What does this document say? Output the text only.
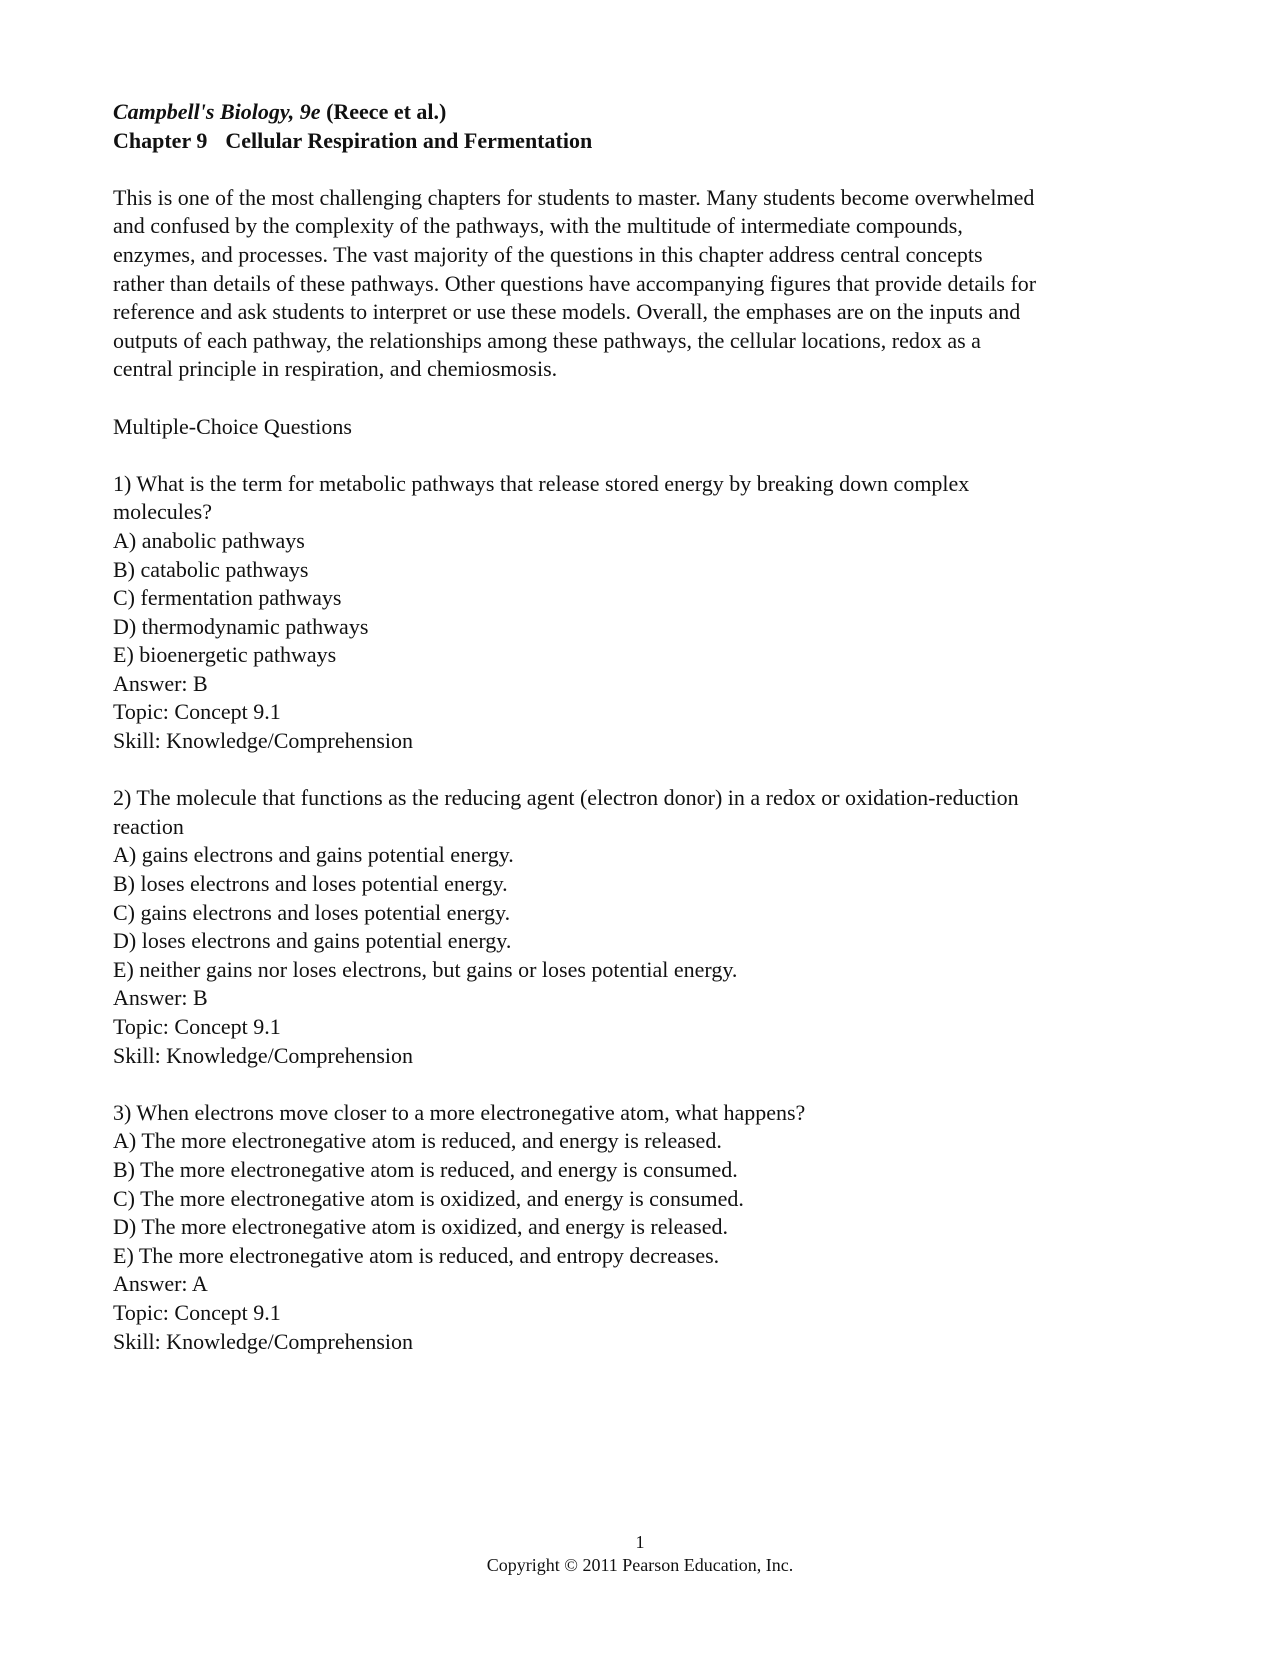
Campbell's Biology, 9e (Reece et al.)

Chapter 9 Cellular Respiration and Fermentation

This is one of the most challenging chapters for students to master. Many students become overwhelmed

and confused by the complexity of the pathways, with the multitude of intermediate compounds,

enzymes, and processes. The vast majority of the questions in this chapter address central concepts

rather than details of these pathways. Other questions have accompanying figures that provide details for

reference and ask students to interpret or use these models. Overall, the emphases are on the inputs and

outputs of each pathway, the relationships among these pathways, the cellular locations, redox as a

central principle in respiration, and chemiosmosis.

Multiple-Choice Questions

1) What is the term for metabolic pathways that release stored energy by breaking down complex

molecules?

A) anabolic pathways

B) catabolic pathways

C) fermentation pathways

D) thermodynamic pathways

E) bioenergetic pathways

Answer: B

Topic: Concept 9.1

Skill: Knowledge/Comprehension

2) The molecule that functions as the reducing agent (electron donor) in a redox or oxidation-reduction

reaction

A) gains electrons and gains potential energy.

B) loses electrons and loses potential energy.

C) gains electrons and loses potential energy.

D) loses electrons and gains potential energy.

E) neither gains nor loses electrons, but gains or loses potential energy.

Answer: B

Topic: Concept 9.1

Skill: Knowledge/Comprehension

3) When electrons move closer to a more electronegative atom, what happens?

A) The more electronegative atom is reduced, and energy is released.

B) The more electronegative atom is reduced, and energy is consumed.

C) The more electronegative atom is oxidized, and energy is consumed.

D) The more electronegative atom is oxidized, and energy is released.

E) The more electronegative atom is reduced, and entropy decreases.

Answer: A

Topic: Concept 9.1

Skill: Knowledge/Comprehension

1
Copyright © 2011 Pearson Education, Inc.
